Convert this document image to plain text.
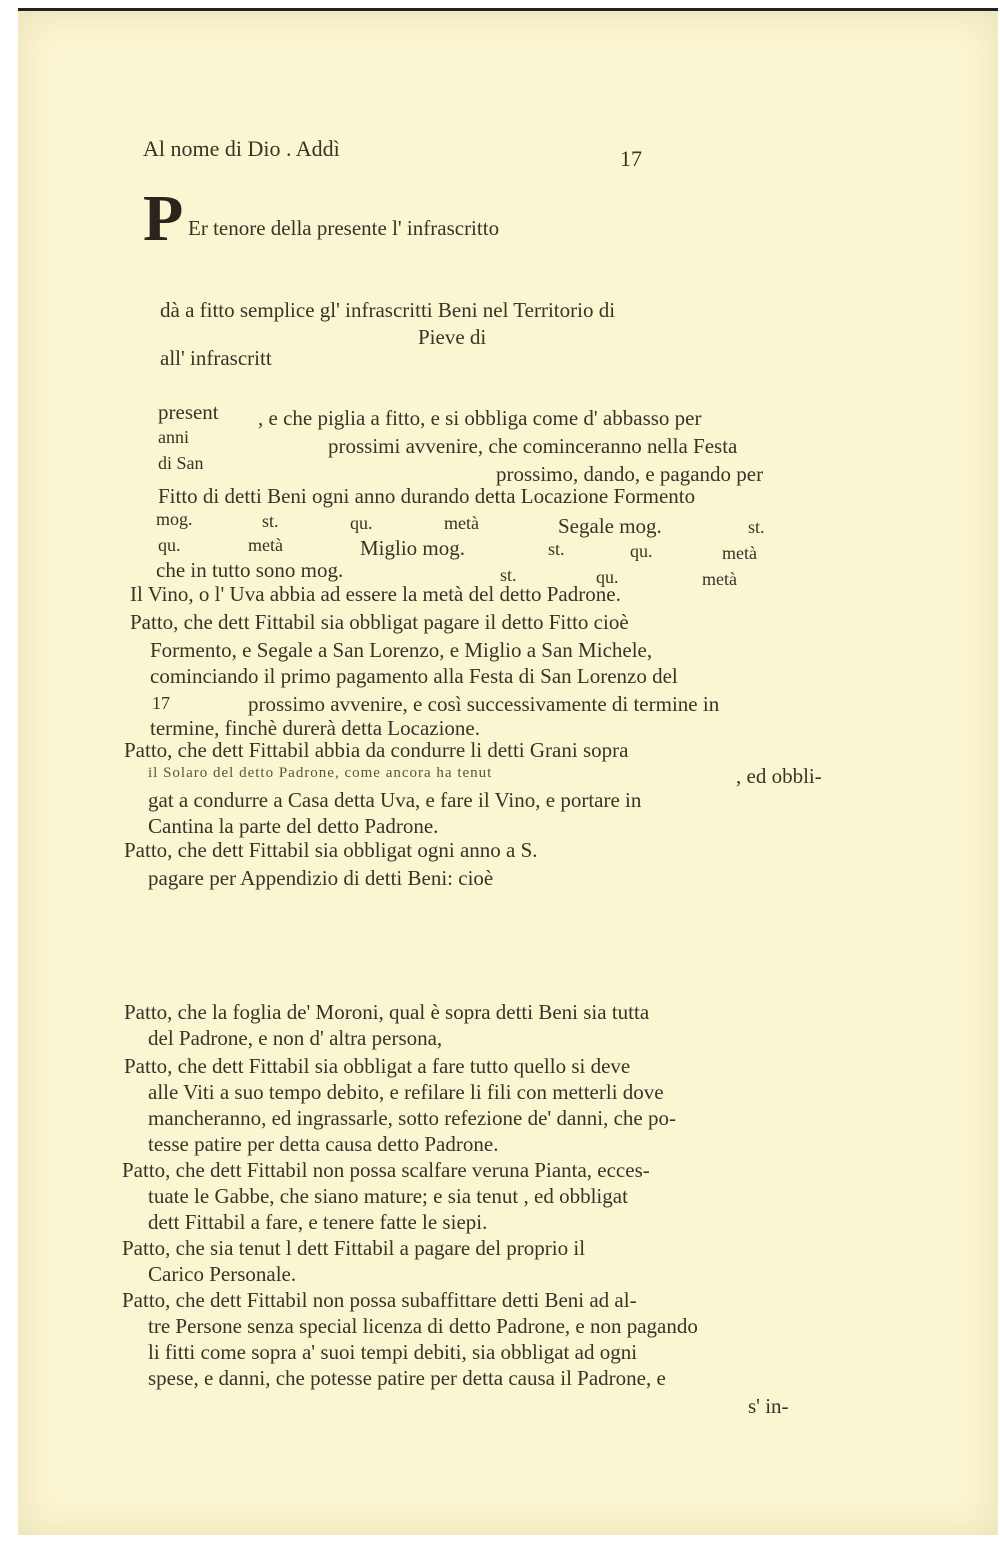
Al nome di Dio . Addì	17
P Er tenore della presente l' infrascritto
dà a fitto semplice gl' infrascritti Beni nel Territorio di
Pieve di
all' infrascritt
present , e che piglia a fitto, e si obbliga come d' abbasso per
anni	prossimi avvenire, che cominceranno nella Festa
di San	prossimo, dando, e pagando per
Fitto di detti Beni ogni anno durando detta Locazione Formento
mog.	st.	qu.	metà	Segale mog.	st.
qu.	metà	Miglio mog.	st.	qu.	metà
che in tutto sono mog.	st.	qu.	metà
Il Vino, o l' Uva abbia ad essere la metà del detto Padrone.
Patto, che dett Fittabil sia obbligat pagare il detto Fitto cioè
Formento, e Segale a San Lorenzo, e Miglio a San Michele,
cominciando il primo pagamento alla Festa di San Lorenzo del
17	prossimo avvenire, e così successivamente di termine in
termine, finchè durerà detta Locazione.
Patto, che dett Fittabil abbia da condurre li detti Grani sopra
il Solaro del detto Padrone, come ancora ha tenut	, ed obbli-
gat a condurre a Casa detta Uva, e fare il Vino, e portare in
Cantina la parte del detto Padrone.
Patto, che dett Fittabil sia obbligat ogni anno a S.
pagare per Appendizio di detti Beni: cioè
Patto, che la foglia de' Moroni, qual è sopra detti Beni sia tutta
del Padrone, e non d' altra persona,
Patto, che dett Fittabil sia obbligat a fare tutto quello si deve
alle Viti a suo tempo debito, e refilare li fili con metterli dove
mancheranno, ed ingrassarle, sotto refezione de' danni, che po-
tesse patire per detta causa detto Padrone.
Patto, che dett Fittabil non possa scalfare veruna Pianta, ecces-
tuate le Gabbe, che siano mature; e sia tenut , ed obbligat
dett Fittabil a fare, e tenere fatte le siepi.
Patto, che sia tenut l dett Fittabil a pagare del proprio il
Carico Personale.
Patto, che dett Fittabil non possa subaffittare detti Beni ad al-
tre Persone senza special licenza di detto Padrone, e non pagando
li fitti come sopra a' suoi tempi debiti, sia obbligat ad ogni
spese, e danni, che potesse patire per detta causa il Padrone, e
s' in-
